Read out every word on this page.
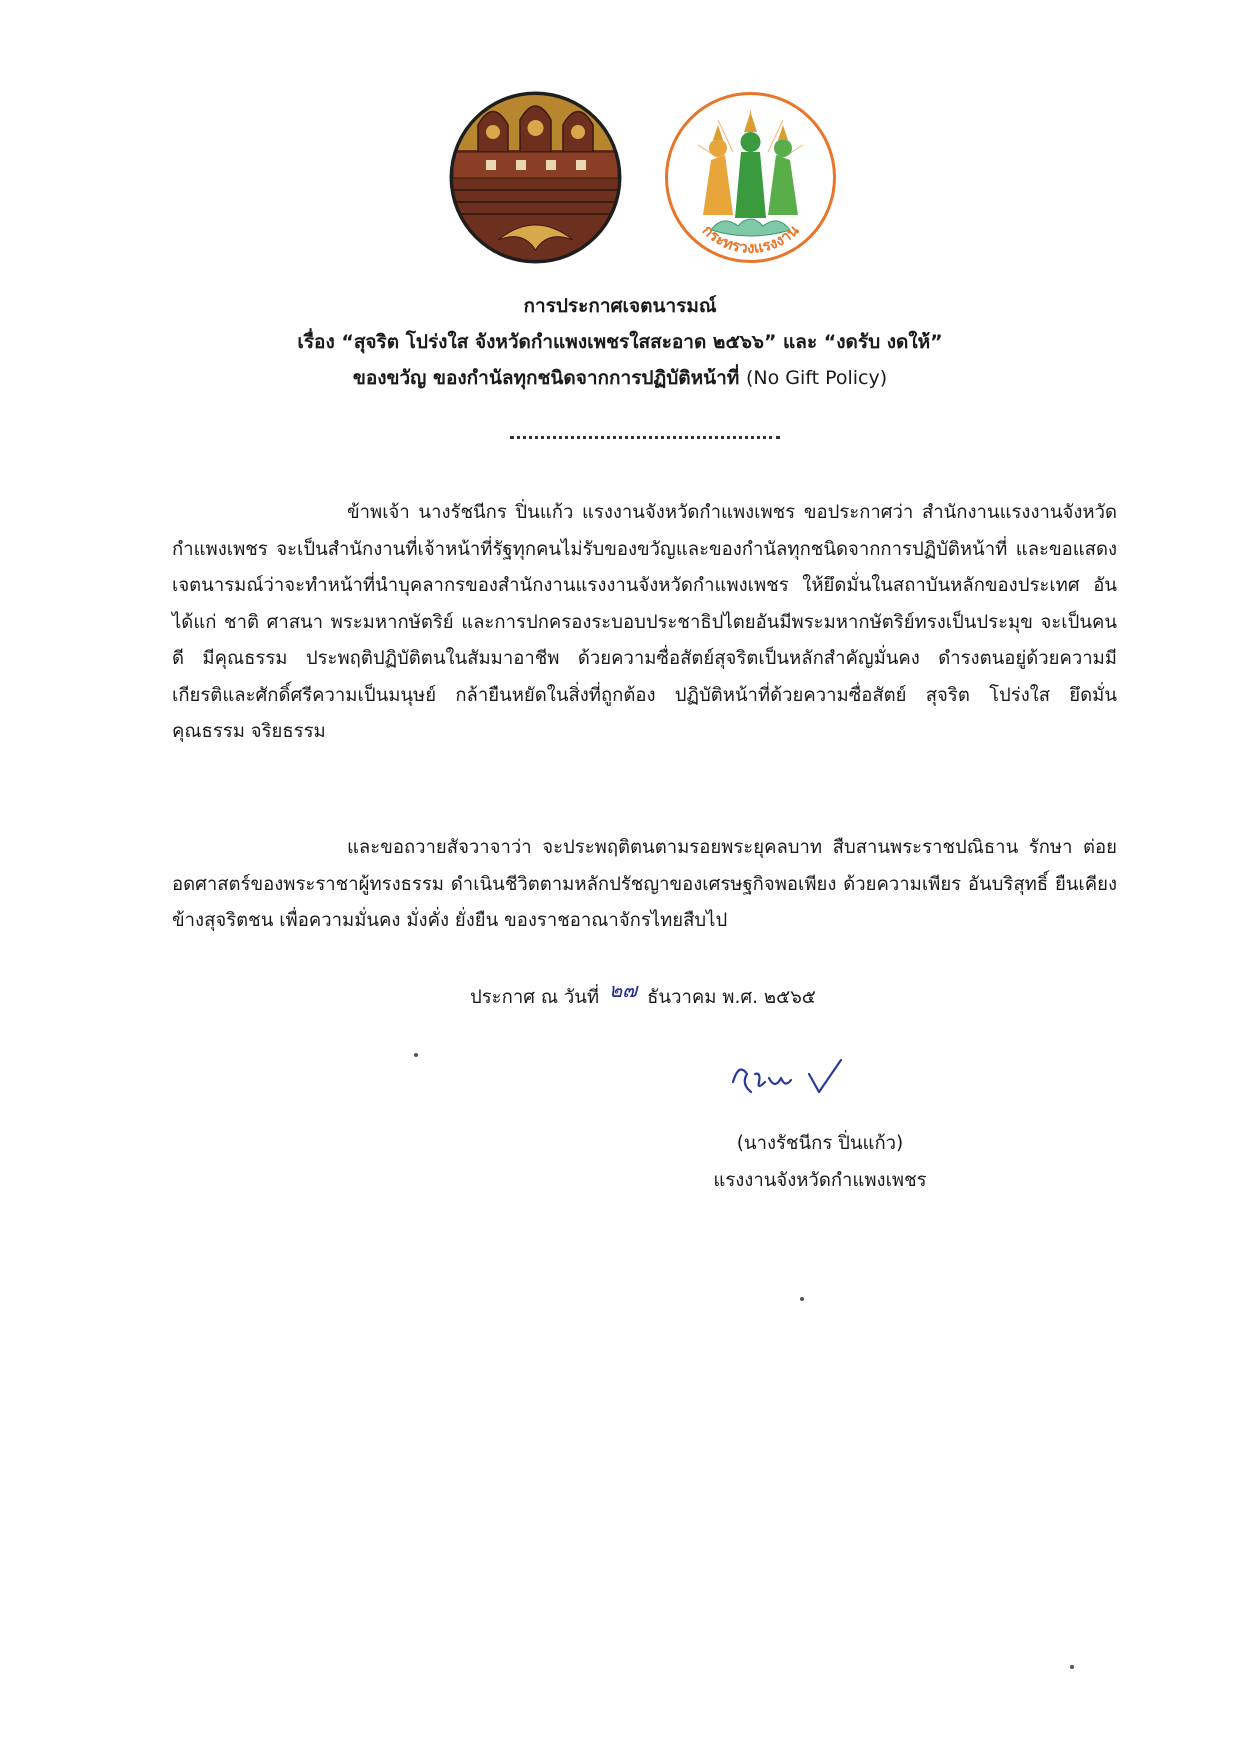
กระทรวงแรงงาน
การประกาศเจตนารมณ์
เรื่อง “สุจริต โปร่งใส จังหวัดกำแพงเพชรใสสะอาด ๒๕๖๖” และ “งดรับ งดให้”
ของขวัญ ของกำนัลทุกชนิดจากการปฏิบัติหน้าที่ (No Gift Policy)

ข้าพเจ้า นางรัชนีกร ปิ่นแก้ว แรงงานจังหวัดกำแพงเพชร ขอประกาศว่า สำนักงานแรงงานจังหวัดกำแพงเพชร จะเป็นสำนักงานที่เจ้าหน้าที่รัฐทุกคนไม่รับของขวัญและของกำนัลทุกชนิดจากการปฏิบัติหน้าที่ และขอแสดงเจตนารมณ์ว่าจะทำหน้าที่นำบุคลากรของสำนักงานแรงงานจังหวัดกำแพงเพชร ให้ยึดมั่นในสถาบันหลักของประเทศ อันได้แก่ ชาติ ศาสนา พระมหากษัตริย์ และการปกครองระบอบประชาธิปไตยอันมีพระมหากษัตริย์ทรงเป็นประมุข จะเป็นคนดี มีคุณธรรม ประพฤติปฏิบัติตนในสัมมาอาชีพ ด้วยความซื่อสัตย์สุจริตเป็นหลักสำคัญมั่นคง ดำรงตนอยู่ด้วยความมีเกียรติและศักดิ์ศรีความเป็นมนุษย์ กล้ายืนหยัดในสิ่งที่ถูกต้อง ปฏิบัติหน้าที่ด้วยความซื่อสัตย์ สุจริต โปร่งใส ยึดมั่นคุณธรรม จริยธรรม

และขอถวายสัจวาจาว่า จะประพฤติตนตามรอยพระยุคลบาท สืบสานพระราชปณิธาน รักษา ต่อยอดศาสตร์ของพระราชาผู้ทรงธรรม ดำเนินชีวิตตามหลักปรัชญาของเศรษฐกิจพอเพียง ด้วยความเพียร อันบริสุทธิ์ ยืนเคียงข้างสุจริตชน เพื่อความมั่นคง มั่งคั่ง ยั่งยืน ของราชอาณาจักรไทยสืบไป

ประกาศ ณ วันที่ ๒๗ ธันวาคม พ.ศ. ๒๕๖๕
(นางรัชนีกร ปิ่นแก้ว)
แรงงานจังหวัดกำแพงเพชร
